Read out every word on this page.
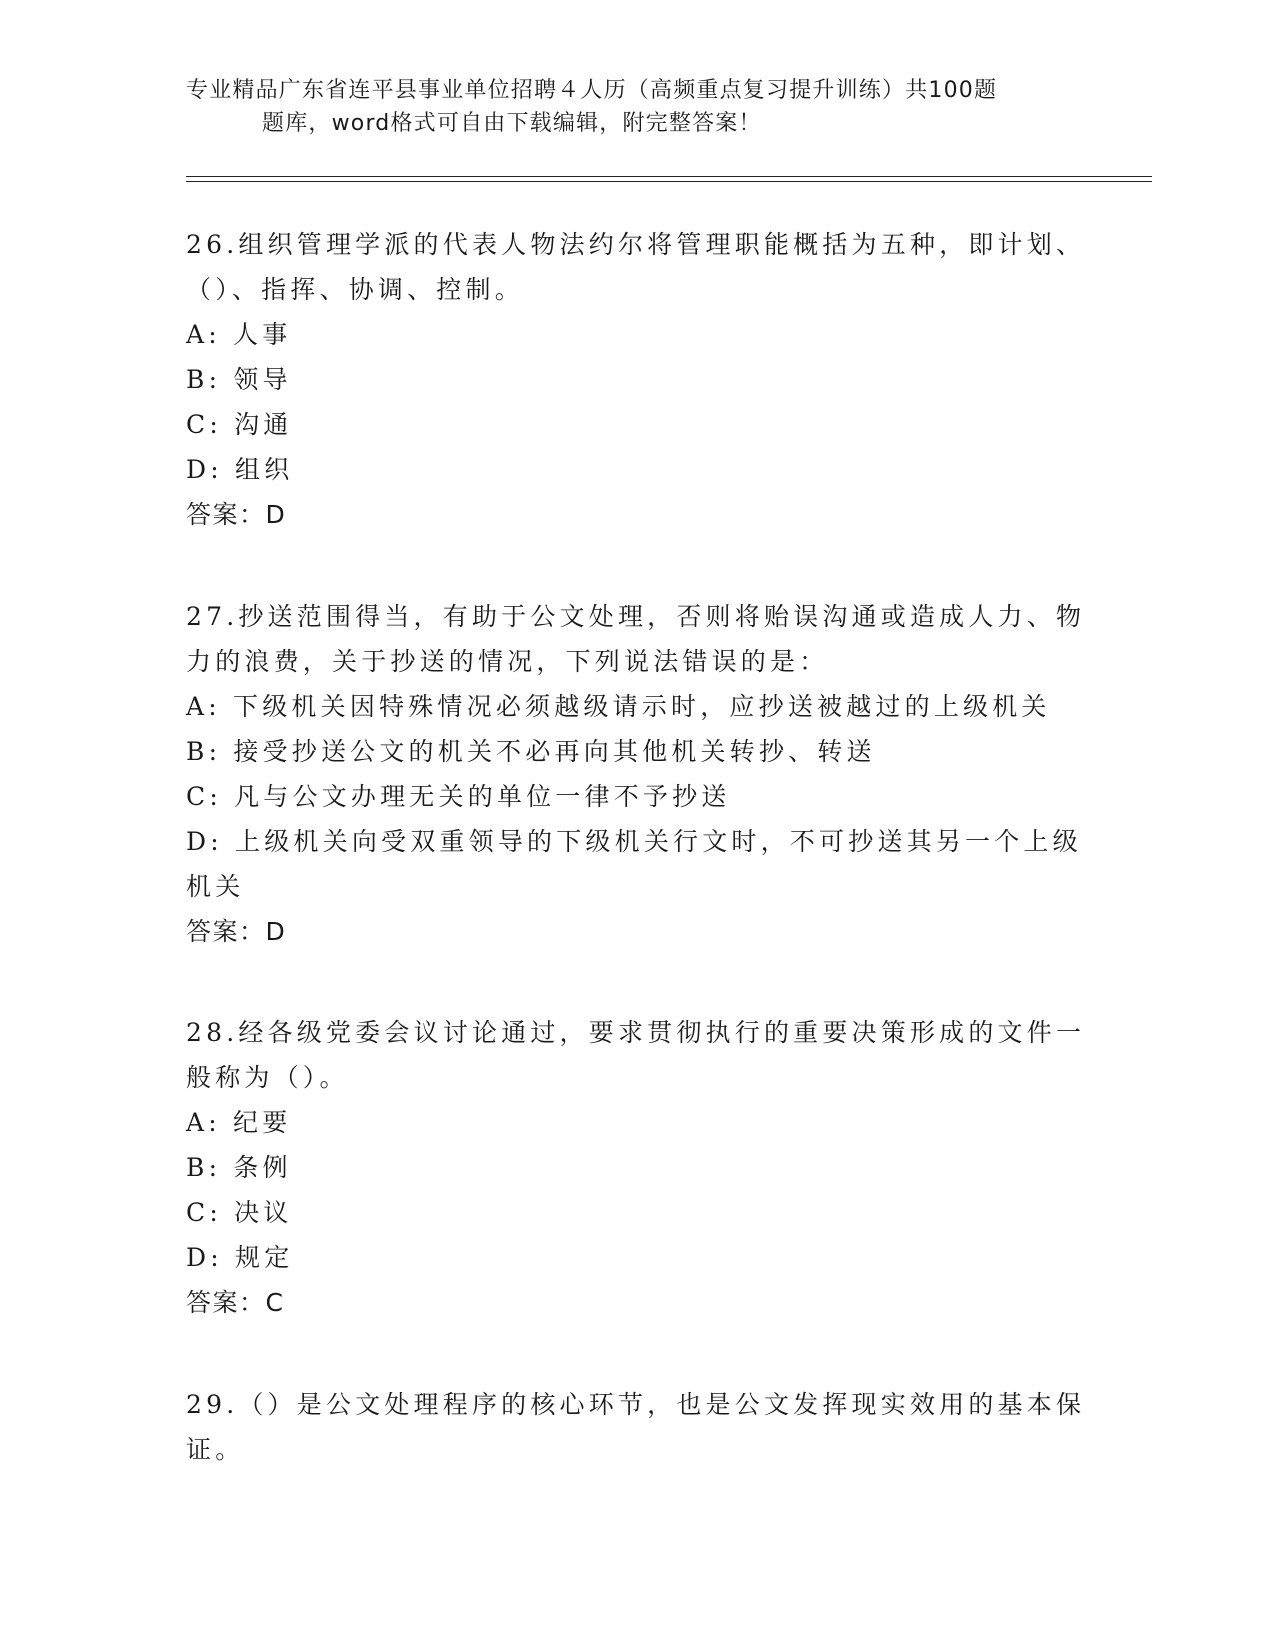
专业精品广东省连平县事业单位招聘４人历（高频重点复习提升训练）共100题
题库，word格式可自由下载编辑，附完整答案！

26.组织管理学派的代表人物法约尔将管理职能概括为五种，即计划、（）、指挥、协调、控制。

A: 人事

B: 领导

C: 沟通

D: 组织

答案：D

27.抄送范围得当，有助于公文处理，否则将贻误沟通或造成人力、物力的浪费，关于抄送的情况，下列说法错误的是：

A: 下级机关因特殊情况必须越级请示时，应抄送被越过的上级机关

B: 接受抄送公文的机关不必再向其他机关转抄、转送

C: 凡与公文办理无关的单位一律不予抄送

D: 上级机关向受双重领导的下级机关行文时，不可抄送其另一个上级机关

答案：D

28.经各级党委会议讨论通过，要求贯彻执行的重要决策形成的文件一般称为（）。

A: 纪要

B: 条例

C: 决议

D: 规定

答案：C

29.（）是公文处理程序的核心环节，也是公文发挥现实效用的基本保证。
